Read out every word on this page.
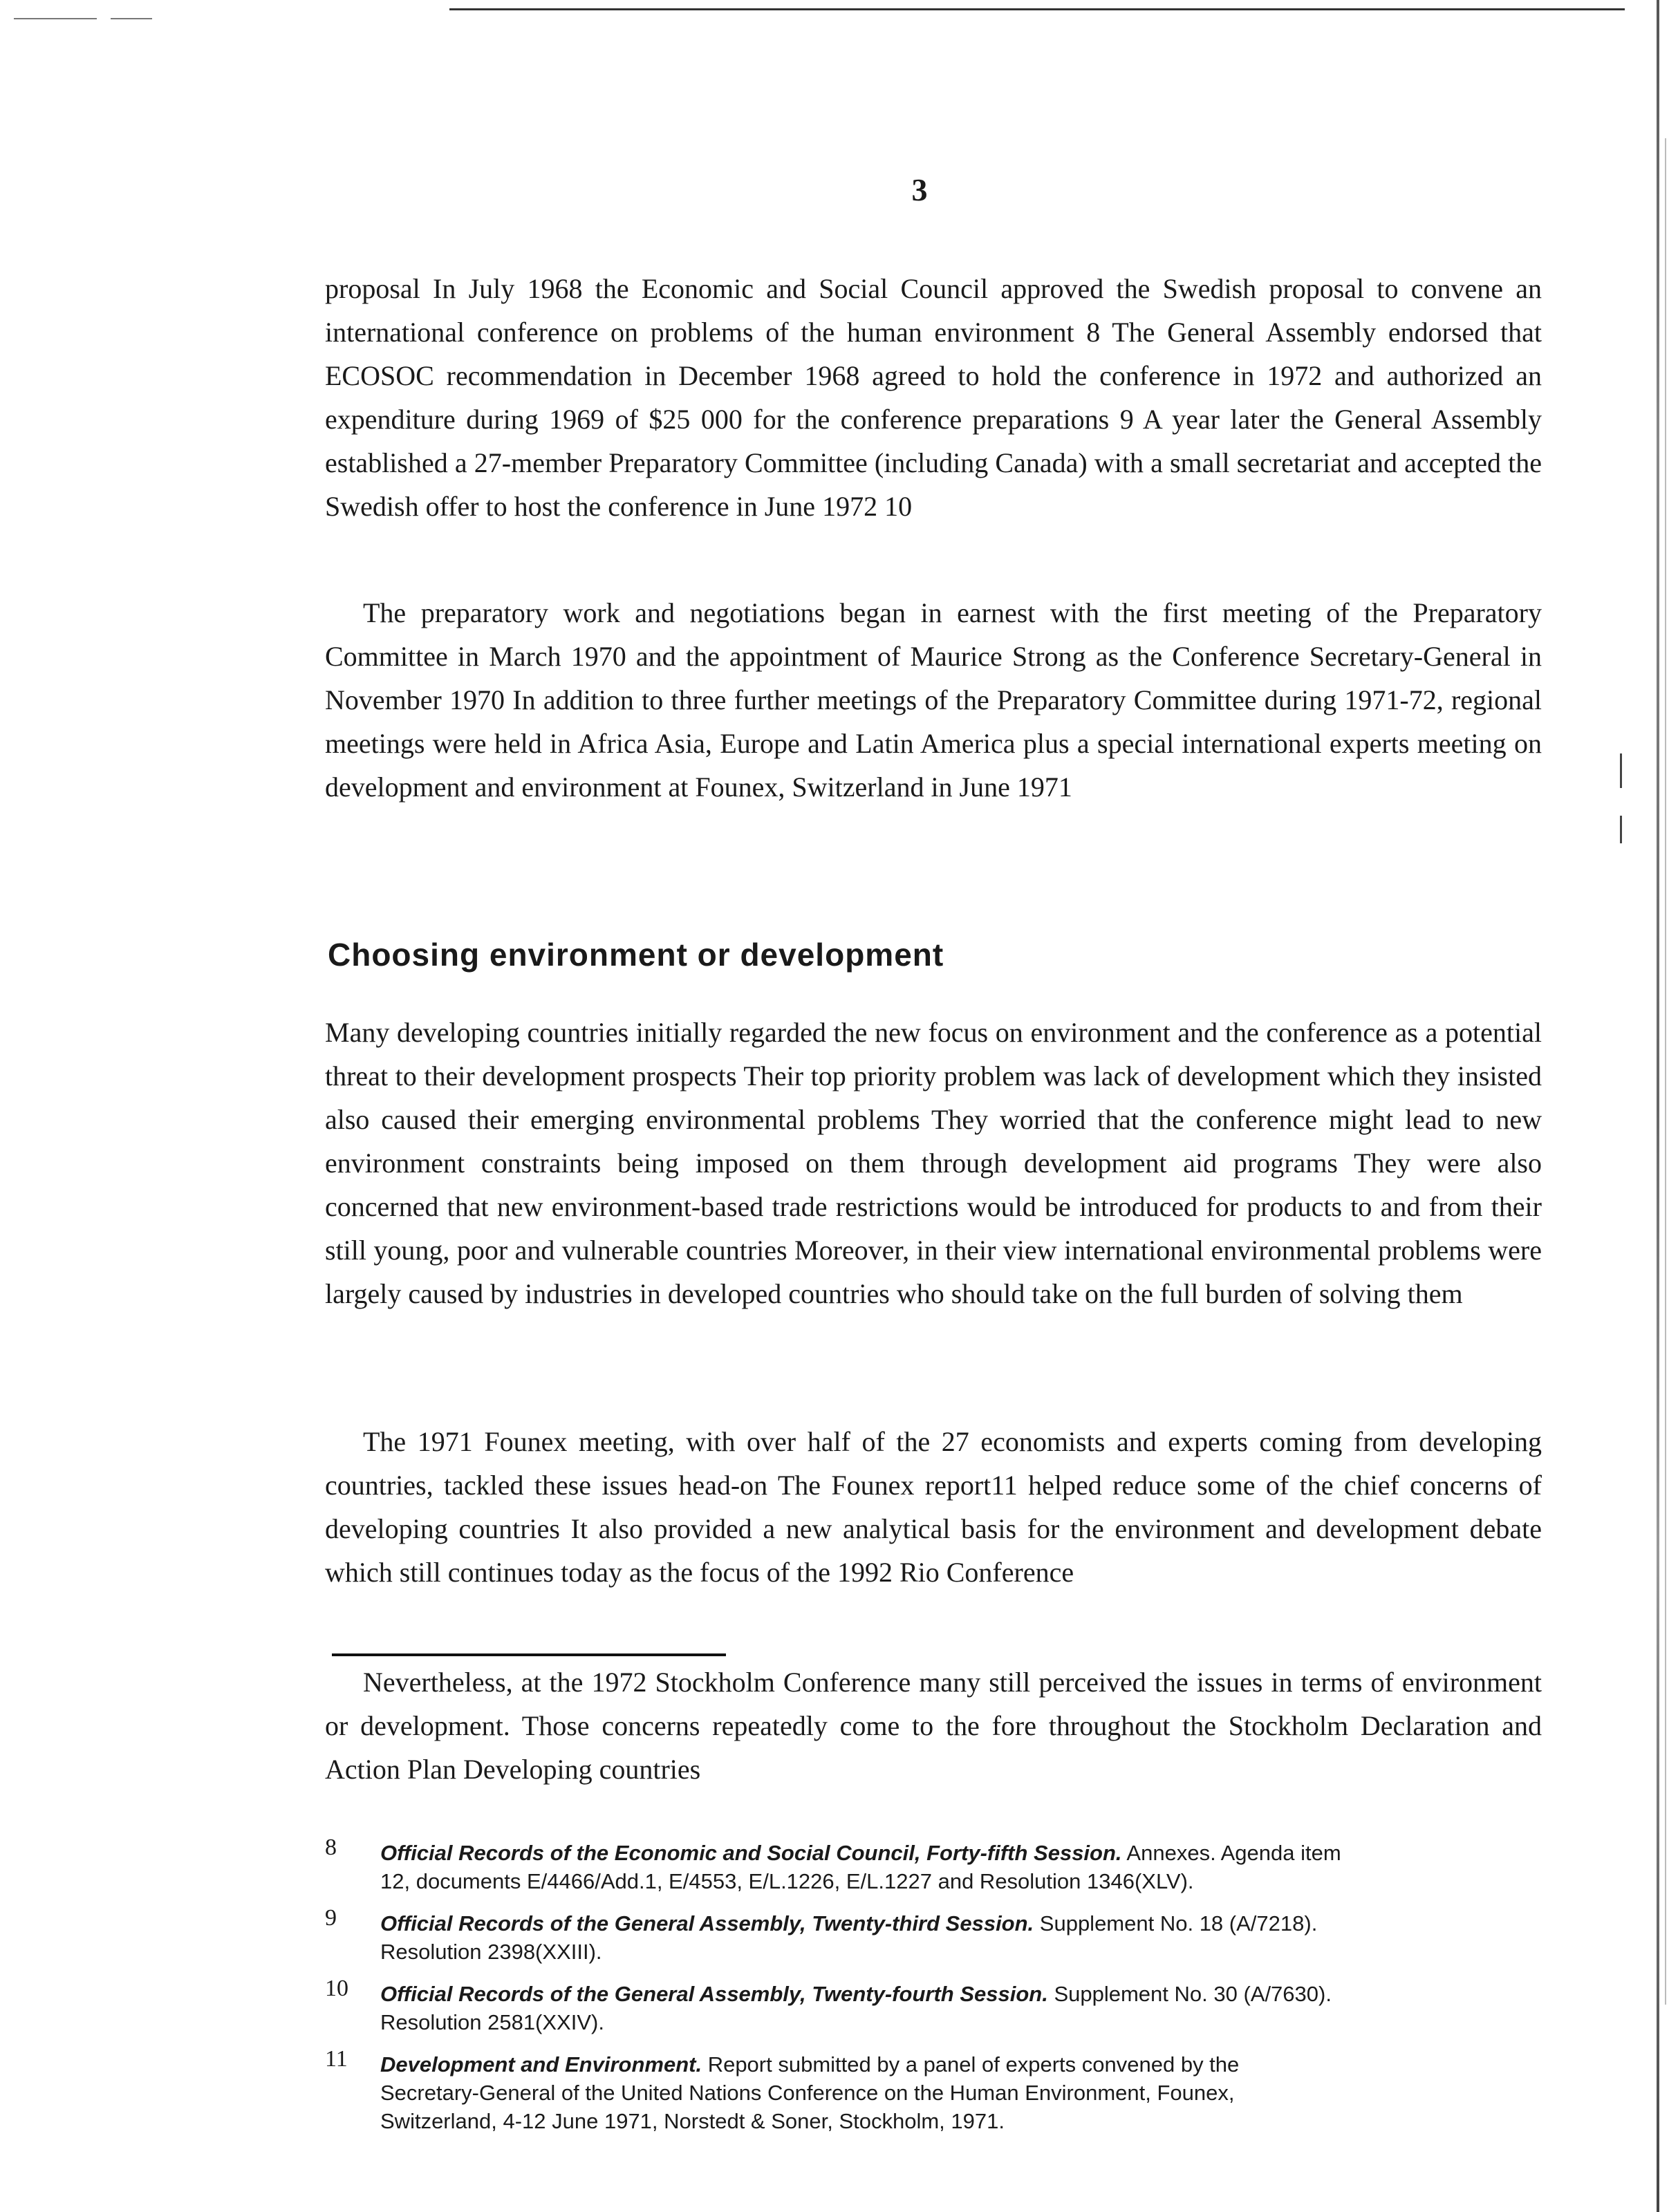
3

proposal In July 1968 the Economic and Social Council approved the Swedish proposal to convene an international conference on problems of the human environment 8 The General Assembly endorsed that ECOSOC recommendation in December 1968 agreed to hold the conference in 1972 and authorized an expenditure during 1969 of $25 000 for the conference preparations 9 A year later the General Assembly established a 27-member Preparatory Committee (including Canada) with a small secretariat and accepted the Swedish offer to host the conference in June 1972 10

The preparatory work and negotiations began in earnest with the first meeting of the Preparatory Committee in March 1970 and the appointment of Maurice Strong as the Conference Secretary-General in November 1970 In addition to three further meetings of the Preparatory Committee during 1971-72, regional meetings were held in Africa Asia, Europe and Latin America plus a special international experts meeting on development and environment at Founex, Switzerland in June 1971

Choosing environment or development

Many developing countries initially regarded the new focus on environment and the conference as a potential threat to their development prospects Their top priority problem was lack of development which they insisted also caused their emerging environmental problems They worried that the conference might lead to new environment constraints being imposed on them through development aid programs They were also concerned that new environment-based trade restrictions would be introduced for products to and from their still young, poor and vulnerable countries Moreover, in their view international environmental problems were largely caused by industries in developed countries who should take on the full burden of solving them

The 1971 Founex meeting, with over half of the 27 economists and experts coming from developing countries, tackled these issues head-on The Founex report11 helped reduce some of the chief concerns of developing countries It also provided a new analytical basis for the environment and development debate which still continues today as the focus of the 1992 Rio Conference

Nevertheless, at the 1972 Stockholm Conference many still perceived the issues in terms of environment or development. Those concerns repeatedly come to the fore throughout the Stockholm Declaration and Action Plan Developing countries

8 Official Records of the Economic and Social Council, Forty-fifth Session. Annexes. Agenda item
12, documents E/4466/Add.1, E/4553, E/L.1226, E/L.1227 and Resolution 1346(XLV).
9 Official Records of the General Assembly, Twenty-third Session. Supplement No. 18 (A/7218).
Resolution 2398(XXIII).
10 Official Records of the General Assembly, Twenty-fourth Session. Supplement No. 30 (A/7630).
Resolution 2581(XXIV).
11 Development and Environment. Report submitted by a panel of experts convened by the
Secretary-General of the United Nations Conference on the Human Environment, Founex,
Switzerland, 4-12 June 1971, Norstedt & Soner, Stockholm, 1971.
